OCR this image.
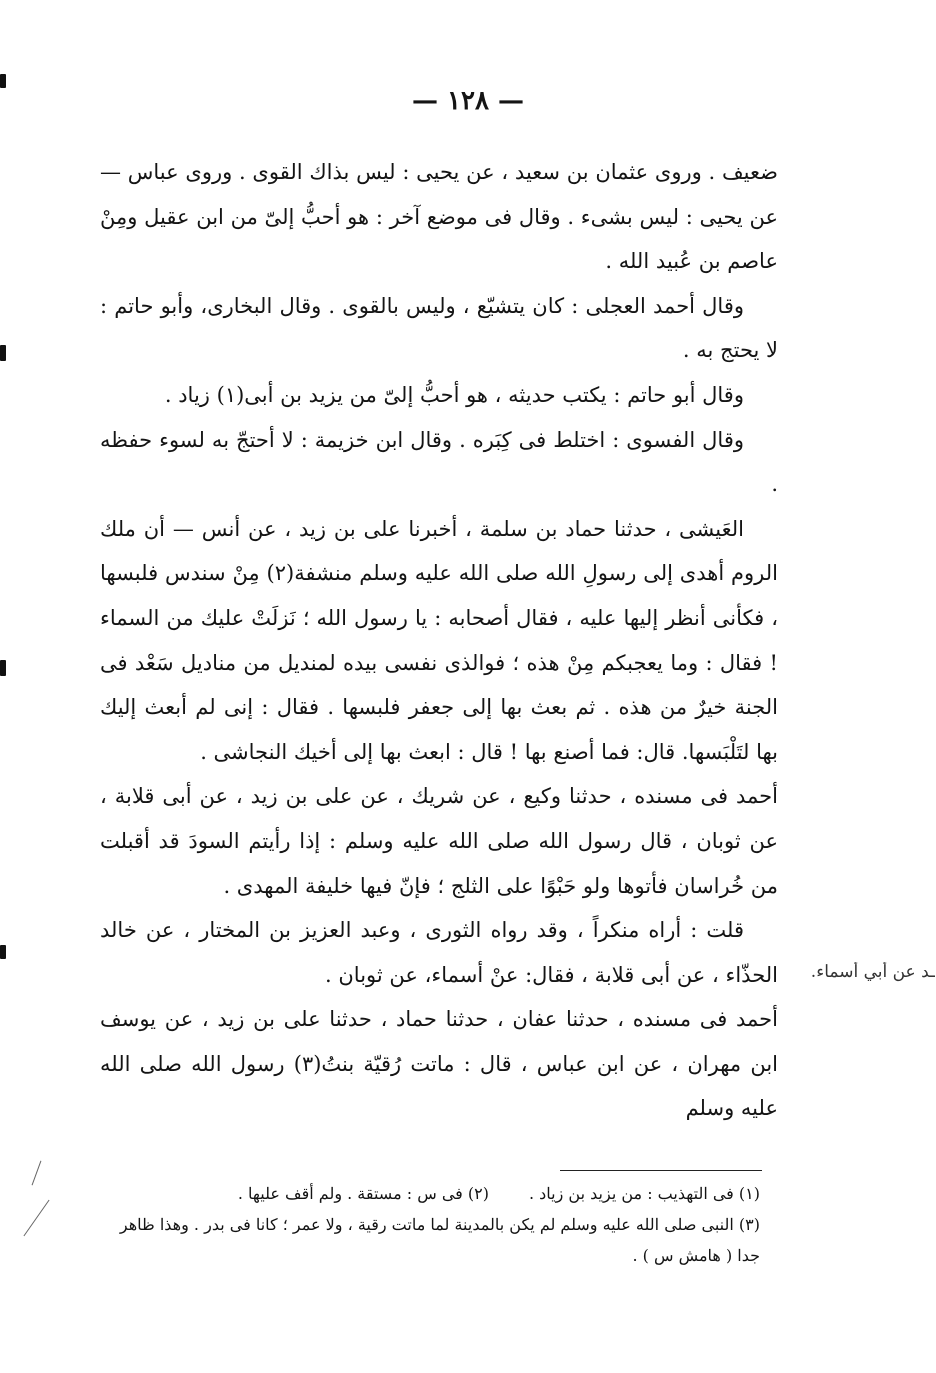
— ١٢٨ —

ضعيف . وروى عثمان بن سعيد ، عن يحيى : ليس بذاك القوى . وروى عباس — عن يحيى : ليس بشىء . وقال فى موضع آخر : هو أحبُّ إلىّ من ابن عقيل ومِنْ عاصم بن عُبيد الله .

وقال أحمد العجلى : كان يتشيّع ، وليس بالقوى . وقال البخارى، وأبو حاتم : لا يحتج به .

وقال أبو حاتم : يكتب حديثه ، هو أحبُّ إلىّ من يزيد بن أبى(١) زياد .

وقال الفسوى : اختلط فى كِبَره . وقال ابن خزيمة : لا أحتجّ به لسوء حفظه .

العَيشى ، حدثنا حماد بن سلمة ، أخبرنا على بن زيد ، عن أنس — أن ملك الروم أهدى إلى رسولِ الله صلى الله عليه وسلم منشفة(٢) مِنْ سندس فلبسها ، فكأنى أنظر إليها عليه ، فقال أصحابه : يا رسول الله ؛ نَزلَتْ عليك من السماء ! فقال : وما يعجبكم مِنْ هذه ؛ فوالذى نفسى بيده لمنديل من مناديل سَعْد فى الجنة خيرٌ من هذه . ثم بعث بها إلى جعفر فلبسها . فقال : إنى لم أبعث إليك بها لتَلْبَسها. قال: فما أصنع بها ! قال : ابعث بها إلى أخيك النجاشى .

أحمد فى مسنده ، حدثنا وكيع ، عن شريك ، عن على بن زيد ، عن أبى قلابة ، عن ثوبان ، قال رسول الله صلى الله عليه وسلم : إذا رأيتم السودَ قد أقبلت من خُراسان فأتوها ولو حَبْوًا على الثلج ؛ فإنّ فيها خليفة المهدى .

قلت : أراه منكراً ، وقد رواه الثورى ، وعبد العزيز بن المختار ، عن خالد الحذّاء ، عن أبى قلابة ، فقال: عنْ أسماء، عن ثوبان .

أحمد فى مسنده ، حدثنا عفان ، حدثنا حماد ، حدثنا على بن زيد ، عن يوسف ابن مهران ، عن ابن عباس ، قال : ماتت رُقيّة بنتُ(٣) رسول الله صلى الله عليه وسلم

ـد عن أبي أسماء.

(١) فى التهذيب : من يزيد بن زياد .(٢) فى س : مستقة . ولم أقف عليها .

(٣) النبى صلى الله عليه وسلم لم يكن بالمدينة لما ماتت رقية ، ولا عمر ؛ كانا فى بدر . وهذا ظاهر جدا ( هامش س ) .
